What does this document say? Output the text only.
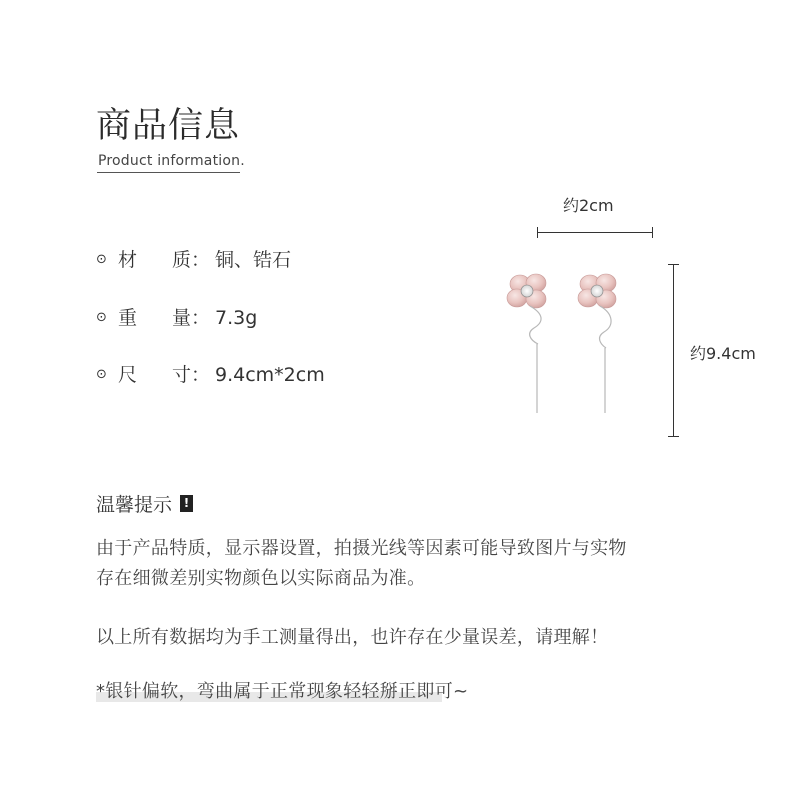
商品信息
Product information.
⊙ 材 质： 铜、锆石
⊙ 重 量： 7.3g
⊙ 尺 寸： 9.4cm*2cm
约2cm
约9.4cm
温馨提示 !
由于产品特质，显示器设置，拍摄光线等因素可能导致图片与实物
存在细微差别实物颜色以实际商品为准。
以上所有数据均为手工测量得出，也许存在少量误差，请理解！
*银针偏软，弯曲属于正常现象轻轻掰正即可~
